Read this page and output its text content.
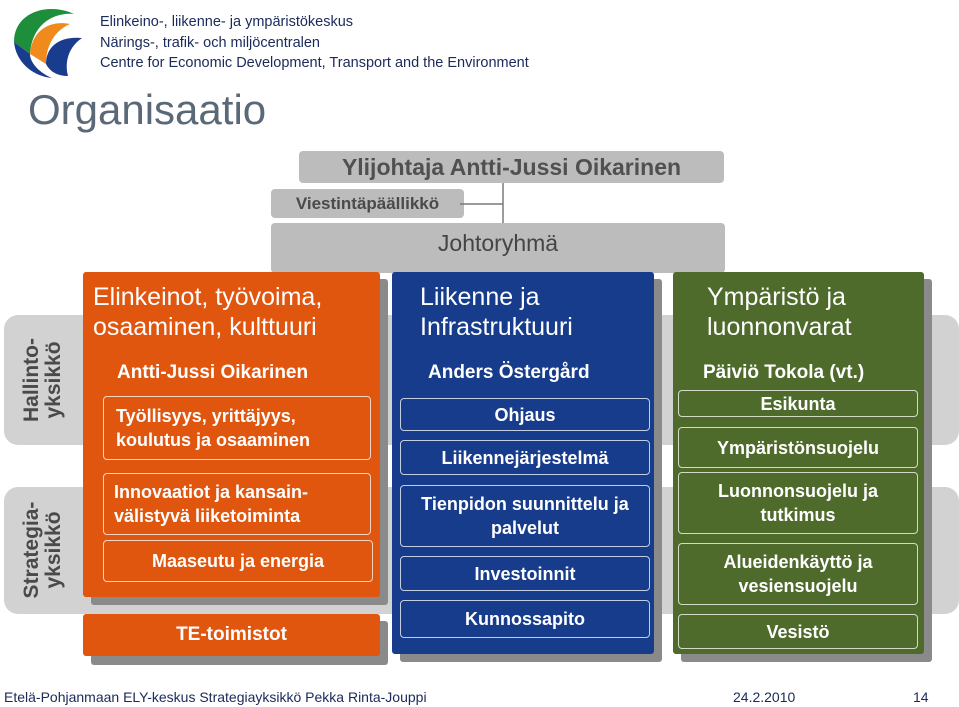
Elinkeino-, liikenne- ja ympäristökeskus
Närings-, trafik- och miljöcentralen
Centre for Economic Development, Transport and the Environment
Organisaatio
Ylijohtaja Antti-Jussi Oikarinen
Viestintäpäällikkö
Johtoryhmä
Hallinto-
yksikkö
Strategia-
yksikkö
Elinkeinot, työvoima, osaaminen, kulttuuri
Antti-Jussi Oikarinen
Työllisyys, yrittäjyys, koulutus ja osaaminen
Innovaatiot ja kansain- välistyvä liiketoiminta
Maaseutu ja energia
TE-toimistot
Liikenne ja Infrastruktuuri
Anders Östergård
Ohjaus
Liikennejärjestelmä
Tienpidon suunnittelu ja palvelut
Investoinnit
Kunnossapito
Ympäristö ja luonnonvarat
Päiviö Tokola (vt.)
Esikunta
Ympäristönsuojelu
Luonnonsuojelu ja tutkimus
Alueidenkäyttö ja vesiensuojelu
Vesistö
Etelä-Pohjanmaan ELY-keskus Strategiayksikkö Pekka Rinta-Jouppi	24.2.2010	14
